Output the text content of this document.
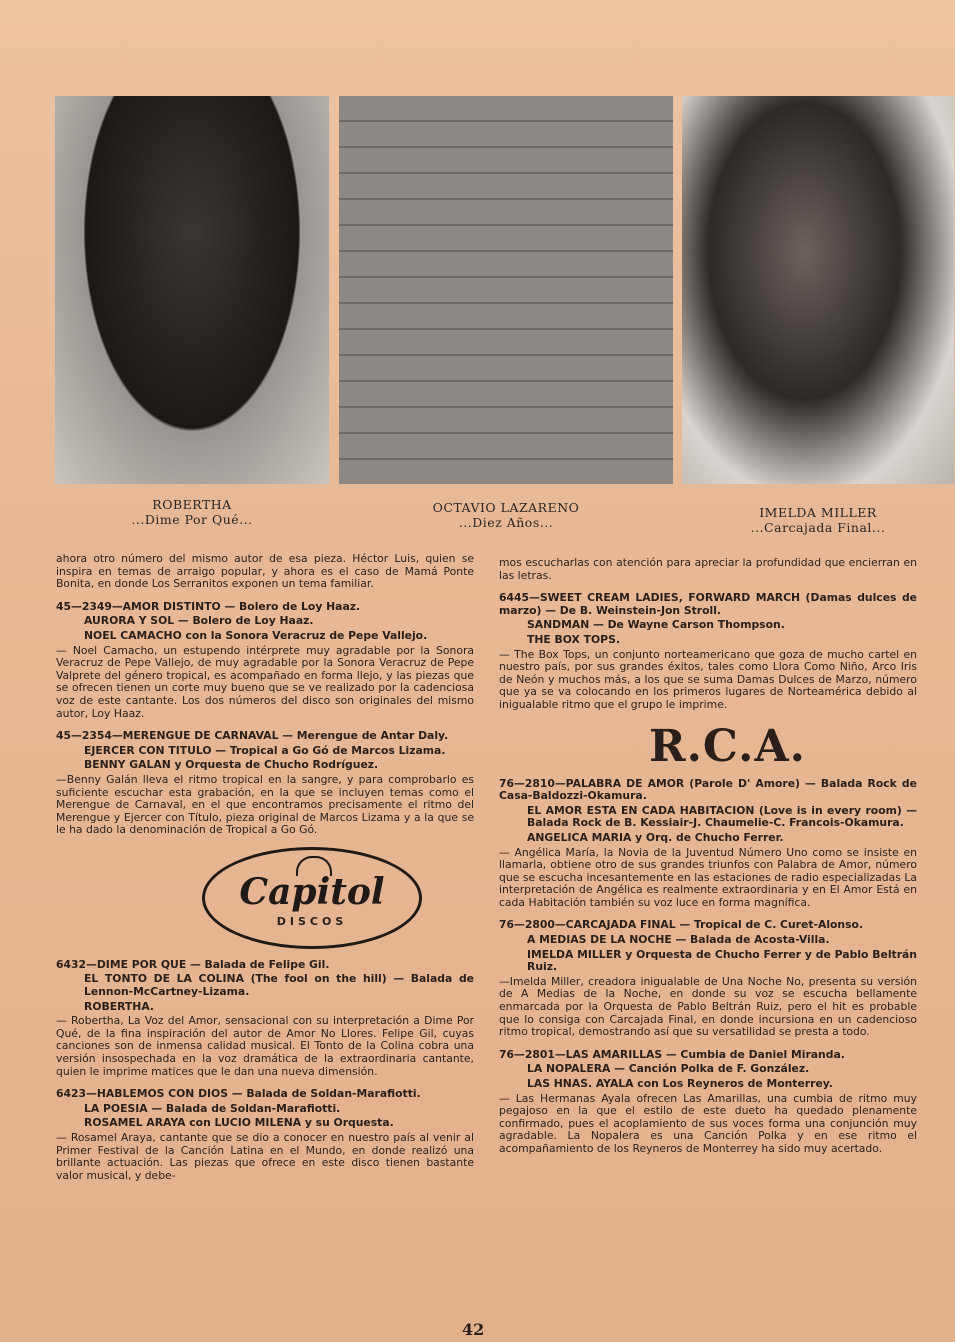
ROBERTHA
...Dime Por Qué...
OCTAVIO LAZARENO
...Diez Años...
IMELDA MILLER
...Carcajada Final...

ahora otro número del mismo autor de esa pieza. Héctor Luis, quien se inspira en temas de arraigo popular, y ahora es el caso de Mamá Ponte Bonita, en donde Los Serranitos exponen un tema familiar.

45—2349—AMOR DISTINTO — Bolero de Loy Haaz.

AURORA Y SOL — Bolero de Loy Haaz.

NOEL CAMACHO con la Sonora Veracruz de Pepe Vallejo.

— Noel Camacho, un estupendo intérprete muy agradable por la Sonora Veracruz de Pepe Vallejo, de muy agradable por la Sonora Veracruz de Pepe Valprete del género tropical, es acompañado en forma llejo, y las piezas que se ofrecen tienen un corte muy bueno que se ve realizado por la cadenciosa voz de este cantante. Los dos números del disco son originales del mismo autor, Loy Haaz.

45—2354—MERENGUE DE CARNAVAL — Merengue de Antar Daly.

EJERCER CON TITULO — Tropical a Go Gó de Marcos Lizama.

BENNY GALAN y Orquesta de Chucho Rodríguez.

—Benny Galán lleva el ritmo tropical en la sangre, y para comprobarlo es suficiente escuchar esta grabación, en la que se incluyen temas como el Merengue de Carnaval, en el que encontramos precisamente el ritmo del Merengue y Ejercer con Título, pieza original de Marcos Lizama y a la que se le ha dado la denominación de Tropical a Go Gó.

Capitol
DISCOS

6432—DIME POR QUE — Balada de Felipe Gil.

EL TONTO DE LA COLINA (The fool on the hill) — Balada de Lennon-McCartney-Lizama.

ROBERTHA.

— Robertha, La Voz del Amor, sensacional con su interpretación a Dime Por Qué, de la fina inspiración del autor de Amor No Llores. Felipe Gil, cuyas canciones son de inmensa calidad musical. El Tonto de la Colina cobra una versión insospechada en la voz dramática de la extraordinaria cantante, quien le imprime matices que le dan una nueva dimensión.

6423—HABLEMOS CON DIOS — Balada de Soldan-Marafiotti.

LA POESIA — Balada de Soldan-Marafiotti.

ROSAMEL ARAYA con LUCIO MILENA y su Orquesta.

— Rosamel Araya, cantante que se dio a conocer en nuestro país al venir al Primer Festival de la Canción Latina en el Mundo, en donde realizó una brillante actuación. Las piezas que ofrece en este disco tienen bastante valor musical, y debe-

mos escucharlas con atención para apreciar la profundidad que encierran en las letras.

6445—SWEET CREAM LADIES, FORWARD MARCH (Damas dulces de marzo) — De B. Weinstein-Jon Stroll.

SANDMAN — De Wayne Carson Thompson.

THE BOX TOPS.

— The Box Tops, un conjunto norteamericano que goza de mucho cartel en nuestro país, por sus grandes éxitos, tales como Llora Como Niño, Arco Iris de Neón y muchos más, a los que se suma Damas Dulces de Marzo, número que ya se va colocando en los primeros lugares de Norteamérica debido al inigualable ritmo que el grupo le imprime.

R.C.A.

76—2810—PALABRA DE AMOR (Parole D' Amore) — Balada Rock de Casa-Baldozzi-Okamura.

EL AMOR ESTA EN CADA HABITACION (Love is in every room) — Balada Rock de B. Kessiair-J. Chaumelie-C. Francois-Okamura.

ANGELICA MARIA y Orq. de Chucho Ferrer.

— Angélica María, la Novia de la Juventud Número Uno como se insiste en llamarla, obtiene otro de sus grandes triunfos con Palabra de Amor, número que se escucha incesantemente en las estaciones de radio especializadas La interpretación de Angélica es realmente extraordinaria y en El Amor Está en cada Habitación también su voz luce en forma magnífica.

76—2800—CARCAJADA FINAL — Tropical de C. Curet-Alonso.

A MEDIAS DE LA NOCHE — Balada de Acosta-Villa.

IMELDA MILLER y Orquesta de Chucho Ferrer y de Pablo Beltrán Ruiz.

—Imelda Miller, creadora inigualable de Una Noche No, presenta su versión de A Medias de la Noche, en donde su voz se escucha bellamente enmarcada por la Orquesta de Pablo Beltrán Ruiz, pero el hit es probable que lo consiga con Carcajada Final, en donde incursiona en un cadencioso ritmo tropical, demostrando así que su versatilidad se presta a todo.

76—2801—LAS AMARILLAS — Cumbia de Daniel Miranda.

LA NOPALERA — Canción Polka de F. González.

LAS HNAS. AYALA con Los Reyneros de Monterrey.

— Las Hermanas Ayala ofrecen Las Amarillas, una cumbia de ritmo muy pegajoso en la que el estilo de este dueto ha quedado plenamente confirmado, pues el acoplamiento de sus voces forma una conjunción muy agradable. La Nopalera es una Canción Polka y en ese ritmo el acompañamiento de los Reyneros de Monterrey ha sido muy acertado.

42
